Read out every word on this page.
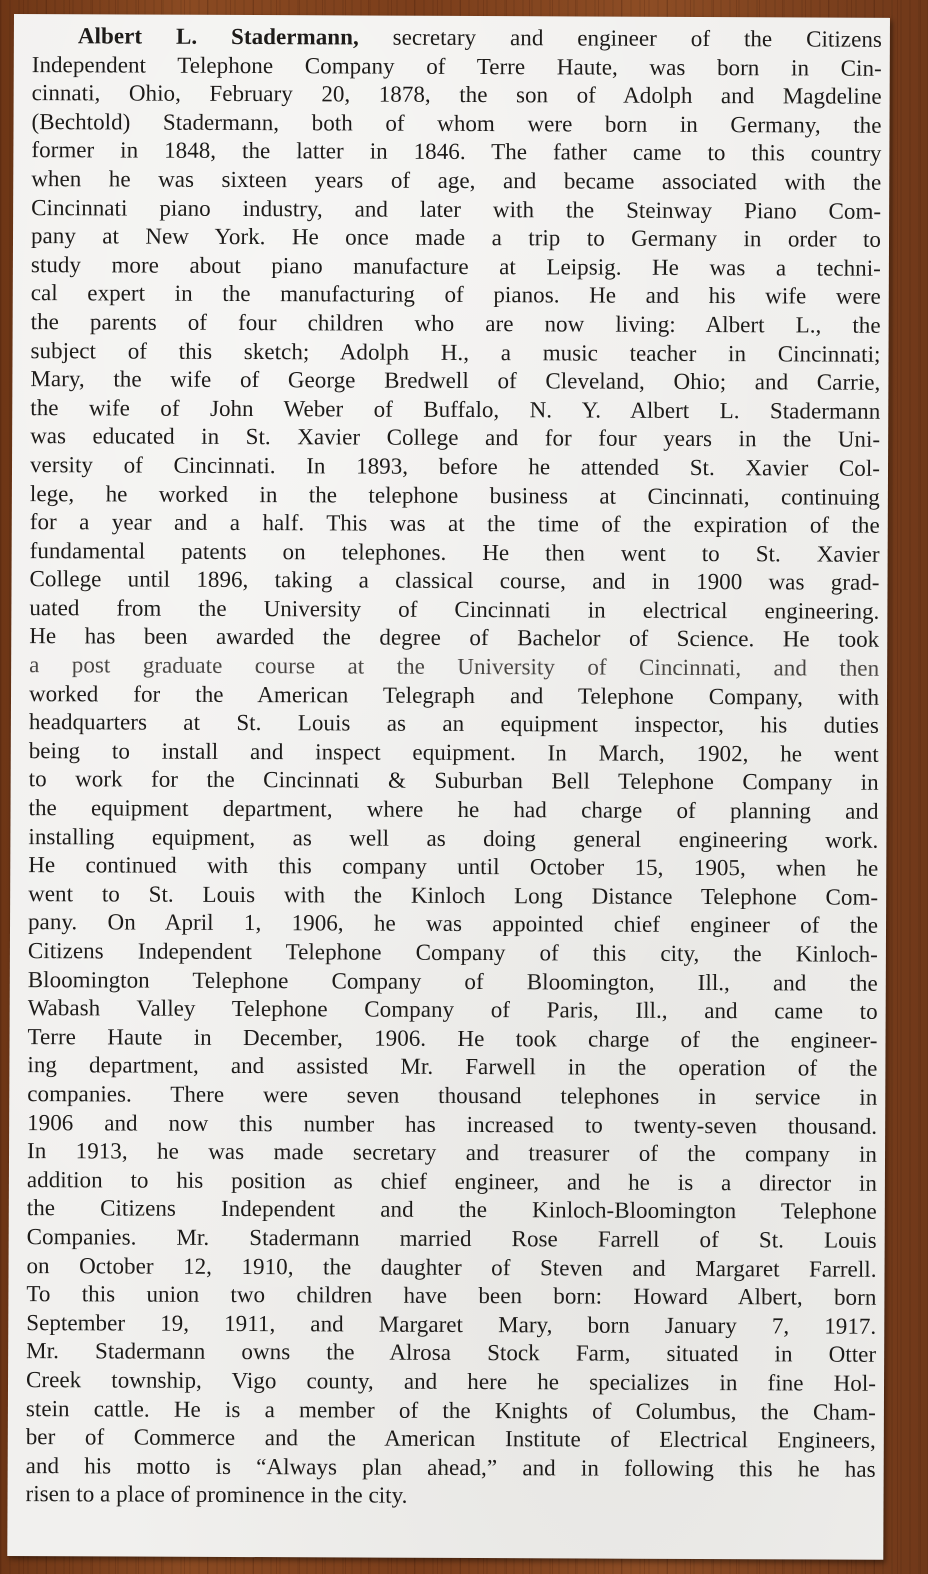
Albert L. Stadermann, secretary and engineer of the Citizens
Independent Telephone Company of Terre Haute, was born in Cin-
cinnati, Ohio, February 20, 1878, the son of Adolph and Magdeline
(Bechtold) Stadermann, both of whom were born in Germany, the
former in 1848, the latter in 1846. The father came to this country
when he was sixteen years of age, and became associated with the
Cincinnati piano industry, and later with the Steinway Piano Com-
pany at New York. He once made a trip to Germany in order to
study more about piano manufacture at Leipsig. He was a techni-
cal expert in the manufacturing of pianos. He and his wife were
the parents of four children who are now living: Albert L., the
subject of this sketch; Adolph H., a music teacher in Cincinnati;
Mary, the wife of George Bredwell of Cleveland, Ohio; and Carrie,
the wife of John Weber of Buffalo, N. Y. Albert L. Stadermann
was educated in St. Xavier College and for four years in the Uni-
versity of Cincinnati. In 1893, before he attended St. Xavier Col-
lege, he worked in the telephone business at Cincinnati, continuing
for a year and a half. This was at the time of the expiration of the
fundamental patents on telephones. He then went to St. Xavier
College until 1896, taking a classical course, and in 1900 was grad-
uated from the University of Cincinnati in electrical engineering.
He has been awarded the degree of Bachelor of Science. He took
a post graduate course at the University of Cincinnati, and then
worked for the American Telegraph and Telephone Company, with
headquarters at St. Louis as an equipment inspector, his duties
being to install and inspect equipment. In March, 1902, he went
to work for the Cincinnati & Suburban Bell Telephone Company in
the equipment department, where he had charge of planning and
installing equipment, as well as doing general engineering work.
He continued with this company until October 15, 1905, when he
went to St. Louis with the Kinloch Long Distance Telephone Com-
pany. On April 1, 1906, he was appointed chief engineer of the
Citizens Independent Telephone Company of this city, the Kinloch-
Bloomington Telephone Company of Bloomington, Ill., and the
Wabash Valley Telephone Company of Paris, Ill., and came to
Terre Haute in December, 1906. He took charge of the engineer-
ing department, and assisted Mr. Farwell in the operation of the
companies. There were seven thousand telephones in service in
1906 and now this number has increased to twenty-seven thousand.
In 1913, he was made secretary and treasurer of the company in
addition to his position as chief engineer, and he is a director in
the Citizens Independent and the Kinloch-Bloomington Telephone
Companies. Mr. Stadermann married Rose Farrell of St. Louis
on October 12, 1910, the daughter of Steven and Margaret Farrell.
To this union two children have been born: Howard Albert, born
September 19, 1911, and Margaret Mary, born January 7, 1917.
Mr. Stadermann owns the Alrosa Stock Farm, situated in Otter
Creek township, Vigo county, and here he specializes in fine Hol-
stein cattle. He is a member of the Knights of Columbus, the Cham-
ber of Commerce and the American Institute of Electrical Engineers,
and his motto is “Always plan ahead,” and in following this he has
risen to a place of prominence in the city.
